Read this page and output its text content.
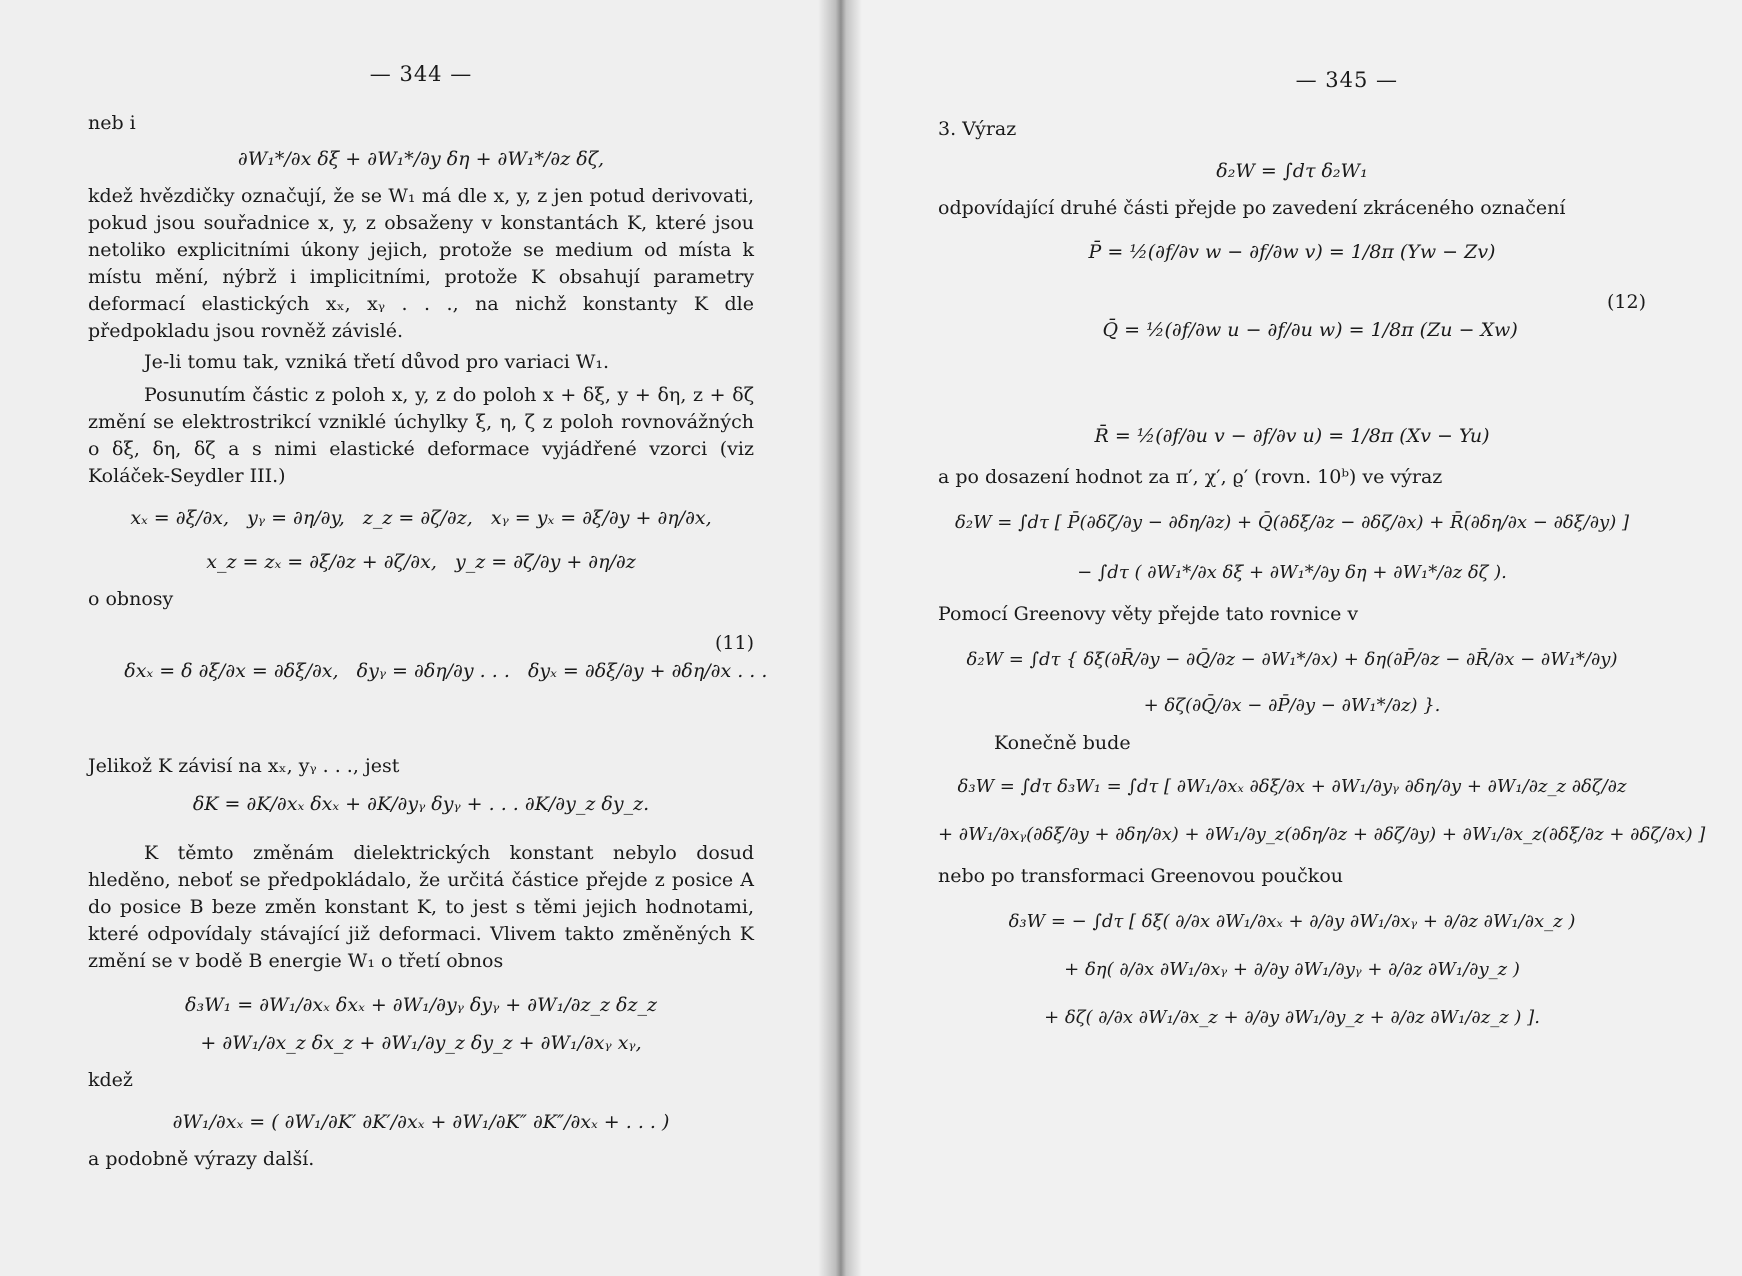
— 344 —

neb i

∂W₁*/∂x δξ + ∂W₁*/∂y δη + ∂W₁*/∂z δζ,

kdež hvězdičky označují, že se W₁ má dle x, y, z jen potud derivovati, pokud jsou souřadnice x, y, z obsaženy v konstantách K, které jsou netoliko explicitními úkony jejich, protože se medium od místa k místu mění, nýbrž i implicitními, protože K obsahují parametry deformací elastických xₓ, xᵧ . . ., na nichž konstanty K dle předpokladu jsou rovněž závislé.

Je-li tomu tak, vzniká třetí důvod pro variaci W₁.

Posunutím částic z poloh x, y, z do poloh x + δξ, y + δη, z + δζ změní se elektrostrikcí vzniklé úchylky ξ, η, ζ z poloh rovnovážných o δξ, δη, δζ a s nimi elastické deformace vyjádřené vzorci (viz Koláček-Seydler III.)

xₓ = ∂ξ/∂x,   yᵧ = ∂η/∂y,   z_z = ∂ζ/∂z,   xᵧ = yₓ = ∂ξ/∂y + ∂η/∂x,
x_z = zₓ = ∂ξ/∂z + ∂ζ/∂x,   y_z = ∂ζ/∂y + ∂η/∂z

o obnosy

δxₓ = δ ∂ξ/∂x = ∂δξ/∂x,   δyᵧ = ∂δη/∂y . . .   δyₓ = ∂δξ/∂y + ∂δη/∂x . . .

(11)

Jelikož K závisí na xₓ, yᵧ . . ., jest

δK = ∂K/∂xₓ δxₓ + ∂K/∂yᵧ δyᵧ + . . . ∂K/∂y_z δy_z.

K těmto změnám dielektrických konstant nebylo dosud hleděno, neboť se předpokládalo, že určitá částice přejde z posice A do posice B beze změn konstant K, to jest s těmi jejich hodnotami, které odpovídaly stávající již deformaci. Vlivem takto změněných K změní se v bodě B energie W₁ o třetí obnos

δ₃W₁ = ∂W₁/∂xₓ δxₓ + ∂W₁/∂yᵧ δyᵧ + ∂W₁/∂z_z δz_z
+ ∂W₁/∂x_z δx_z + ∂W₁/∂y_z δy_z + ∂W₁/∂xᵧ xᵧ,

kdež

∂W₁/∂xₓ = ( ∂W₁/∂K′ ∂K′/∂xₓ + ∂W₁/∂K″ ∂K″/∂xₓ + . . . )

a podobně výrazy další.

— 345 —

3. Výraz

δ₂W = ∫dτ δ₂W₁

odpovídající druhé části přejde po zavedení zkráceného označení

P̄ = ½(∂f/∂v w − ∂f/∂w v) = 1/8π (Yw − Zv)

Q̄ = ½(∂f/∂w u − ∂f/∂u w) = 1/8π (Zu − Xw)

(12)

R̄ = ½(∂f/∂u v − ∂f/∂v u) = 1/8π (Xv − Yu)

a po dosazení hodnot za π′, χ′, ϱ′ (rovn. 10ᵇ) ve výraz

δ₂W = ∫dτ [ P̄(∂δζ/∂y − ∂δη/∂z) + Q̄(∂δξ/∂z − ∂δζ/∂x) + R̄(∂δη/∂x − ∂δξ/∂y) ]
− ∫dτ ( ∂W₁*/∂x δξ + ∂W₁*/∂y δη + ∂W₁*/∂z δζ ).

Pomocí Greenovy věty přejde tato rovnice v

δ₂W = ∫dτ { δξ(∂R̄/∂y − ∂Q̄/∂z − ∂W₁*/∂x) + δη(∂P̄/∂z − ∂R̄/∂x − ∂W₁*/∂y)
+ δζ(∂Q̄/∂x − ∂P̄/∂y − ∂W₁*/∂z) }.

Konečně bude

δ₃W = ∫dτ δ₃W₁ = ∫dτ [ ∂W₁/∂xₓ ∂δξ/∂x + ∂W₁/∂yᵧ ∂δη/∂y + ∂W₁/∂z_z ∂δζ/∂z
+ ∂W₁/∂xᵧ(∂δξ/∂y + ∂δη/∂x) + ∂W₁/∂y_z(∂δη/∂z + ∂δζ/∂y) + ∂W₁/∂x_z(∂δξ/∂z + ∂δζ/∂x) ]

nebo po transformaci Greenovou poučkou

δ₃W = − ∫dτ [ δξ( ∂/∂x ∂W₁/∂xₓ + ∂/∂y ∂W₁/∂xᵧ + ∂/∂z ∂W₁/∂x_z )
+ δη( ∂/∂x ∂W₁/∂xᵧ + ∂/∂y ∂W₁/∂yᵧ + ∂/∂z ∂W₁/∂y_z )
+ δζ( ∂/∂x ∂W₁/∂x_z + ∂/∂y ∂W₁/∂y_z + ∂/∂z ∂W₁/∂z_z ) ].
